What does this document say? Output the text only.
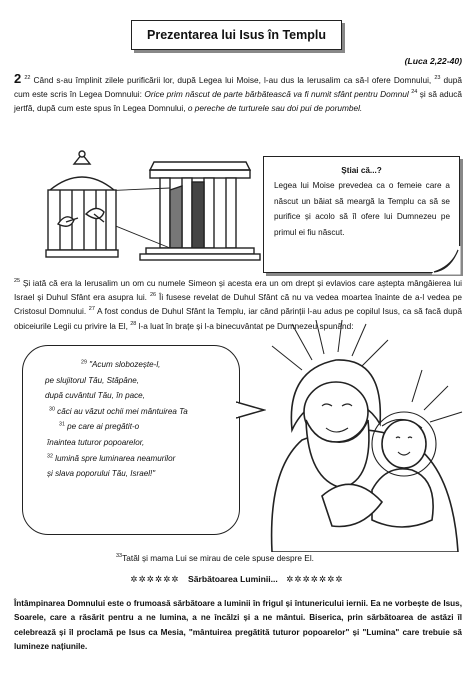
Prezentarea lui Isus în Templu
(Luca 2,22-40)
2 $^{22}$ Când s-au împlinit zilele purificării lor, după Legea lui Moise, l-au dus la Ierusalim ca să-l ofere Domnului, $^{23}$ după cum este scris în Legea Domnului: Orice prim născut de parte bărbătească va fi numit sfânt pentru Domnul $^{24}$ și să aducă jertfă, după cum este spus în Legea Domnului, o pereche de turturele sau doi pui de porumbel.
Știai că...?
Legea lui Moise prevedea ca o femeie care a născut un băiat să meargă la Templu ca să se purifice și acolo să îl ofere lui Dumnezeu pe primul ei fiu născut.
$^{25}$ Și iată că era la Ierusalim un om cu numele Simeon și acesta era un om drept și evlavios care aștepta mângâierea lui Israel și Duhul Sfânt era asupra lui. $^{26}$ Îi fusese revelat de Duhul Sfânt că nu va vedea moartea înainte de a-l vedea pe Cristosul Domnului. $^{27}$ A fost condus de Duhul Sfânt la Templu, iar când părinții l-au adus pe copilul Isus, ca să facă după obiceiurile Legii cu privire la El, $^{28}$ l-a luat în brațe și l-a binecuvântat pe Dumnezeu spunând:
$^{29}$ "Acum slobozește-l,
pe slujitorul Tău, Stăpâne,
după cuvântul Tău, în pace,
$^{30}$ căci au văzut ochii mei mântuirea Ta
$^{31}$ pe care ai pregătit-o
înaintea tuturor popoarelor,
$^{32}$ lumină spre luminarea neamurilor
și slava poporului Tău, Israel!"
$^{33}$Tatăl și mama Lui se mirau de cele spuse despre El.
✲✲✲✲✲✲ Sărbătoarea Luminii... ✲✲✲✲✲✲✲
Întâmpinarea Domnului este o frumoasă sărbătoare a luminii în frigul și întunericului iernii. Ea ne vorbește de Isus, Soarele, care a răsărit pentru a ne lumina, a ne încălzi și a ne mântui. Biserica, prin sărbătoarea de astăzi îl celebrează și îl proclamă pe Isus ca Mesia, "mântuirea pregătită tuturor popoarelor" și "Lumina" care trebuie să lumineze națiunile.
